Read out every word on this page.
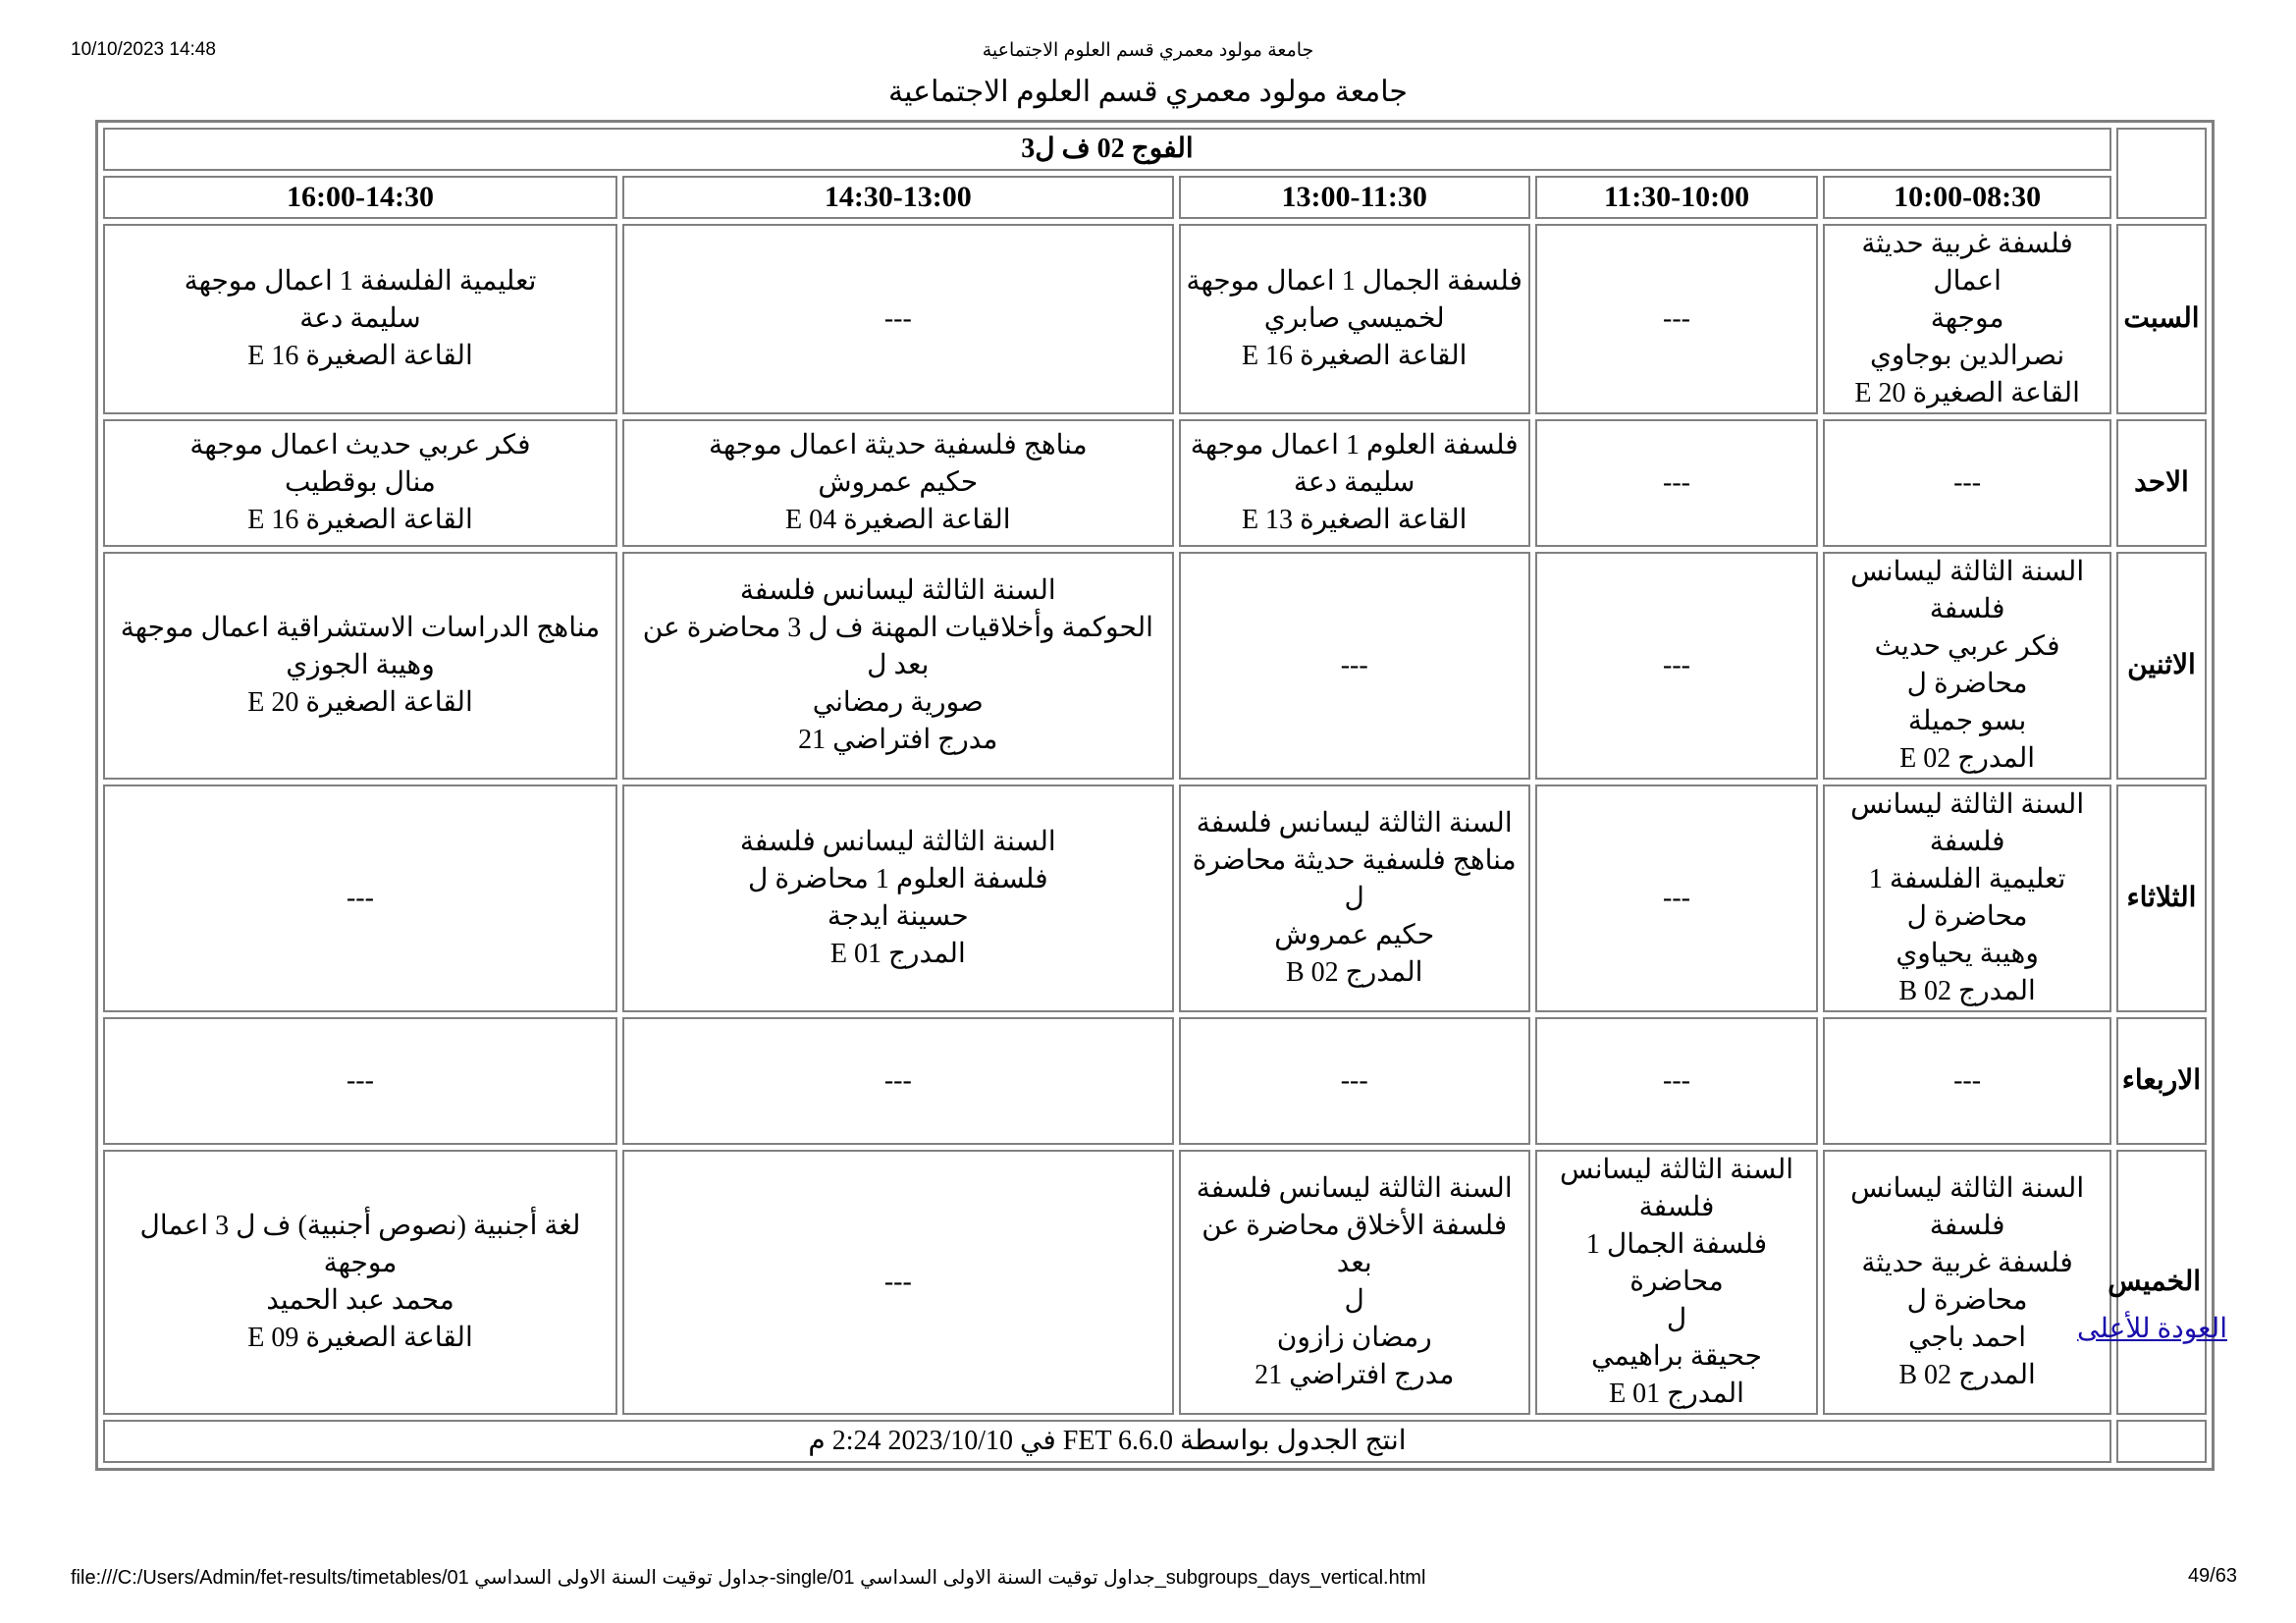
10/10/2023 14:48	جامعة مولود معمري قسم العلوم الاجتماعية
جامعة مولود معمري قسم العلوم الاجتماعية
	الفوج 02 ف ل3				
	10:00-08:30	11:30-10:00	13:00-11:30	14:30-13:00	16:00-14:30
السبت	فلسفة غربية حديثة اعمال
موجهة
نصرالدين بوجاوي
القاعة الصغيرة 20 E	---	فلسفة الجمال 1 اعمال موجهة
لخميسي صابري
القاعة الصغيرة 16 E	---	تعليمية الفلسفة 1 اعمال موجهة
سليمة دعة
القاعة الصغيرة 16 E

الاحد	---	---	فلسفة العلوم 1 اعمال موجهة
سليمة دعة
القاعة الصغيرة 13 E	مناهج فلسفية حديثة اعمال موجهة
حكيم عمروش
القاعة الصغيرة 04 E	فكر عربي حديث اعمال موجهة
منال بوقطيب
القاعة الصغيرة 16 E

الاثنين	السنة الثالثة ليسانس فلسفة
فكر عربي حديث محاضرة ل
بسو جميلة
المدرج 02 E	---	---	السنة الثالثة ليسانس فلسفة
الحوكمة وأخلاقيات المهنة ف ل 3 محاضرة عن
بعد ل
صورية رمضاني
مدرج افتراضي 21	مناهج الدراسات الاستشراقية اعمال موجهة
وهيبة الجوزي
القاعة الصغيرة 20 E

الثلاثاء	السنة الثالثة ليسانس فلسفة
تعليمية الفلسفة 1 محاضرة ل
وهيبة يحياوي
المدرج 02 B	---	السنة الثالثة ليسانس فلسفة
مناهج فلسفية حديثة محاضرة ل
حكيم عمروش
المدرج 02 B	السنة الثالثة ليسانس فلسفة
فلسفة العلوم 1 محاضرة ل
حسينة ايدجة
المدرج 01 E	---

الاربعاء	---	---	---	---	---

الخميس	السنة الثالثة ليسانس فلسفة
فلسفة غربية حديثة محاضرة ل
احمد باجي
المدرج 02 B	السنة الثالثة ليسانس فلسفة
فلسفة الجمال 1 محاضرة
ل
جحيقة براهيمي
المدرج 01 E	السنة الثالثة ليسانس فلسفة
فلسفة الأخلاق محاضرة عن بعد
ل
رمضان زازون
مدرج افتراضي 21	---	لغة أجنبية (نصوص أجنبية) ف ل 3 اعمال
موجهة
محمد عبد الحميد
القاعة الصغيرة 09 E

	انتج الجدول بواسطة FET 6.6.0 في 2023/10/10 2:24 م				
العودة للأعلى
file:///C:/Users/Admin/fet-results/timetables/01 جداول توقيت السنة الاولى السداسي-single/01 جداول توقيت السنة الاولى السداسي_subgroups_days_vertical.html	49/63
